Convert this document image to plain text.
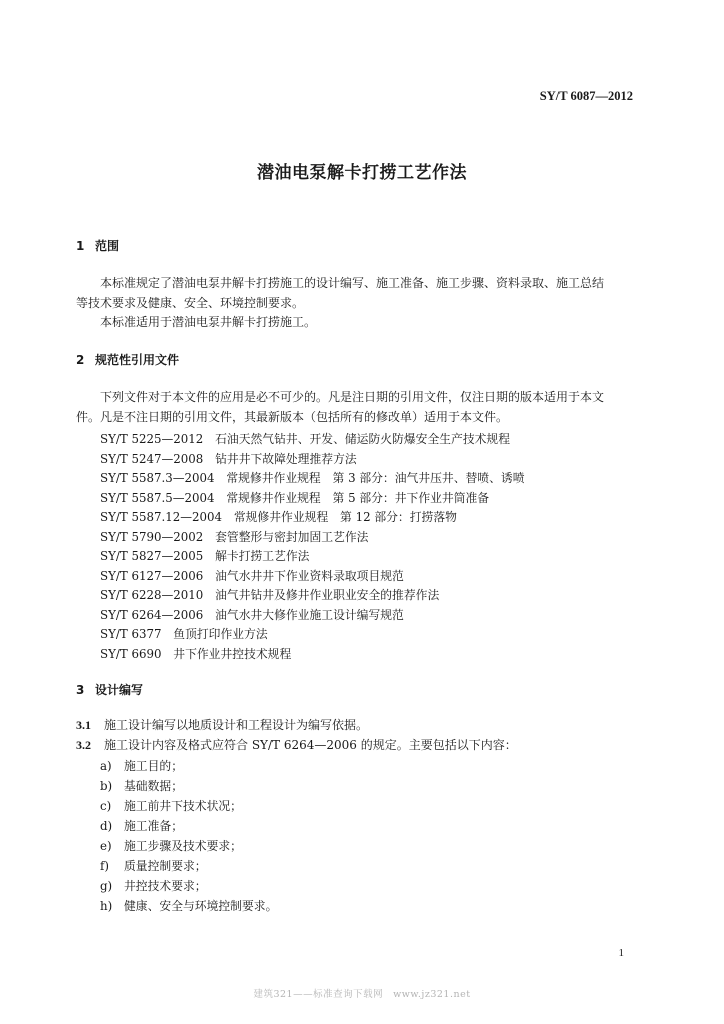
SY/T 6087—2012
潜油电泵解卡打捞工艺作法
1 范围
本标准规定了潜油电泵井解卡打捞施工的设计编写、施工准备、施工步骤、资料录取、施工总结
等技术要求及健康、安全、环境控制要求。
本标准适用于潜油电泵井解卡打捞施工。
2 规范性引用文件
下列文件对于本文件的应用是必不可少的。凡是注日期的引用文件，仅注日期的版本适用于本文
件。凡是不注日期的引用文件，其最新版本（包括所有的修改单）适用于本文件。
SY/T 5225—2012　石油天然气钻井、开发、储运防火防爆安全生产技术规程
SY/T 5247—2008　钻井井下故障处理推荐方法
SY/T 5587.3—2004　常规修井作业规程　第 3 部分：油气井压井、替喷、诱喷
SY/T 5587.5—2004　常规修井作业规程　第 5 部分：井下作业井筒准备
SY/T 5587.12—2004　常规修井作业规程　第 12 部分：打捞落物
SY/T 5790—2002　套管整形与密封加固工艺作法
SY/T 5827—2005　解卡打捞工艺作法
SY/T 6127—2006　油气水井井下作业资料录取项目规范
SY/T 6228—2010　油气井钻井及修井作业职业安全的推荐作法
SY/T 6264—2006　油气水井大修作业施工设计编写规范
SY/T 6377　鱼顶打印作业方法
SY/T 6690　井下作业井控技术规程
3 设计编写
3.1 施工设计编写以地质设计和工程设计为编写依据。
3.2 施工设计内容及格式应符合 SY/T 6264—2006 的规定。主要包括以下内容：
a) 施工目的；
b) 基础数据；
c) 施工前井下技术状况；
d) 施工准备；
e) 施工步骤及技术要求；
f) 质量控制要求；
g) 井控技术要求；
h) 健康、安全与环境控制要求。
1
建筑321——标准查询下载网　www.jz321.net
